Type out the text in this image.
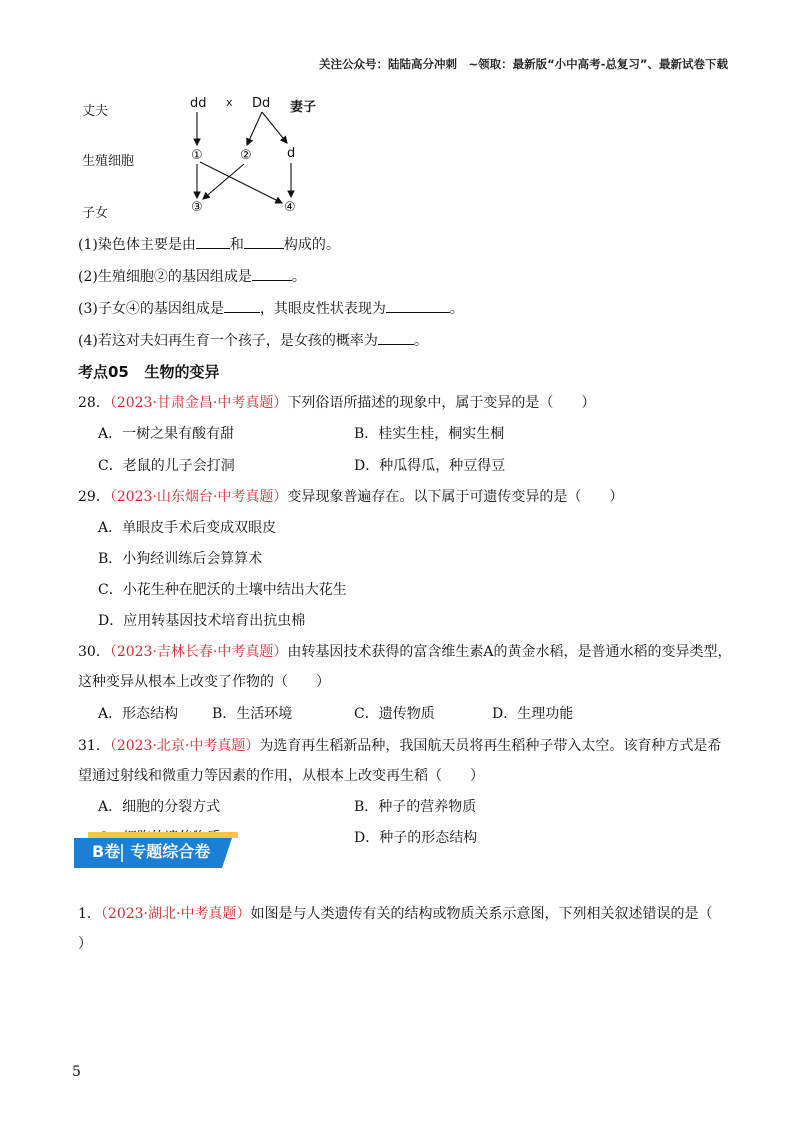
关注公众号：陆陆高分冲刺　~领取：最新版“小中高考-总复习”、最新试卷下载
丈夫
生殖细胞
子女
dd x Dd 妻子
①	②	d
③	④
(1)染色体主要是由 和	构成的。
(2)生殖细胞②的基因组成是	。
(3)子女④的基因组成是	，其眼皮性状表现为	。
(4)若这对夫妇再生育一个孩子，是女孩的概率为	。
考点05 生物的变异
28．（2023·甘肃金昌·中考真题）下列俗语所描述的现象中，属于变异的是（　　）
A．一树之果有酸有甜	B．桂实生桂，桐实生桐
C．老鼠的儿子会打洞	D．种瓜得瓜，种豆得豆
29．（2023·山东烟台·中考真题）变异现象普遍存在。以下属于可遗传变异的是（　　）
A．单眼皮手术后变成双眼皮
B．小狗经训练后会算算术
C．小花生种在肥沃的土壤中结出大花生
D．应用转基因技术培育出抗虫棉
30．（2023·吉林长春·中考真题）由转基因技术获得的富含维生素A的黄金水稻，是普通水稻的变异类型，
这种变异从根本上改变了作物的（　　）
A．形态结构 B．生活环境	C．遗传物质	D．生理功能
31．（2023·北京·中考真题）为选育再生稻新品种，我国航天员将再生稻种子带入太空。该育种方式是希
望通过射线和微重力等因素的作用，从根本上改变再生稻（　　）
A．细胞的分裂方式	B．种子的营养物质
D．种子的形态结构
B卷 专题综合卷
1．（2023·湖北·中考真题）如图是与人类遗传有关的结构或物质关系示意图，下列相关叙述错误的是（
）
5
